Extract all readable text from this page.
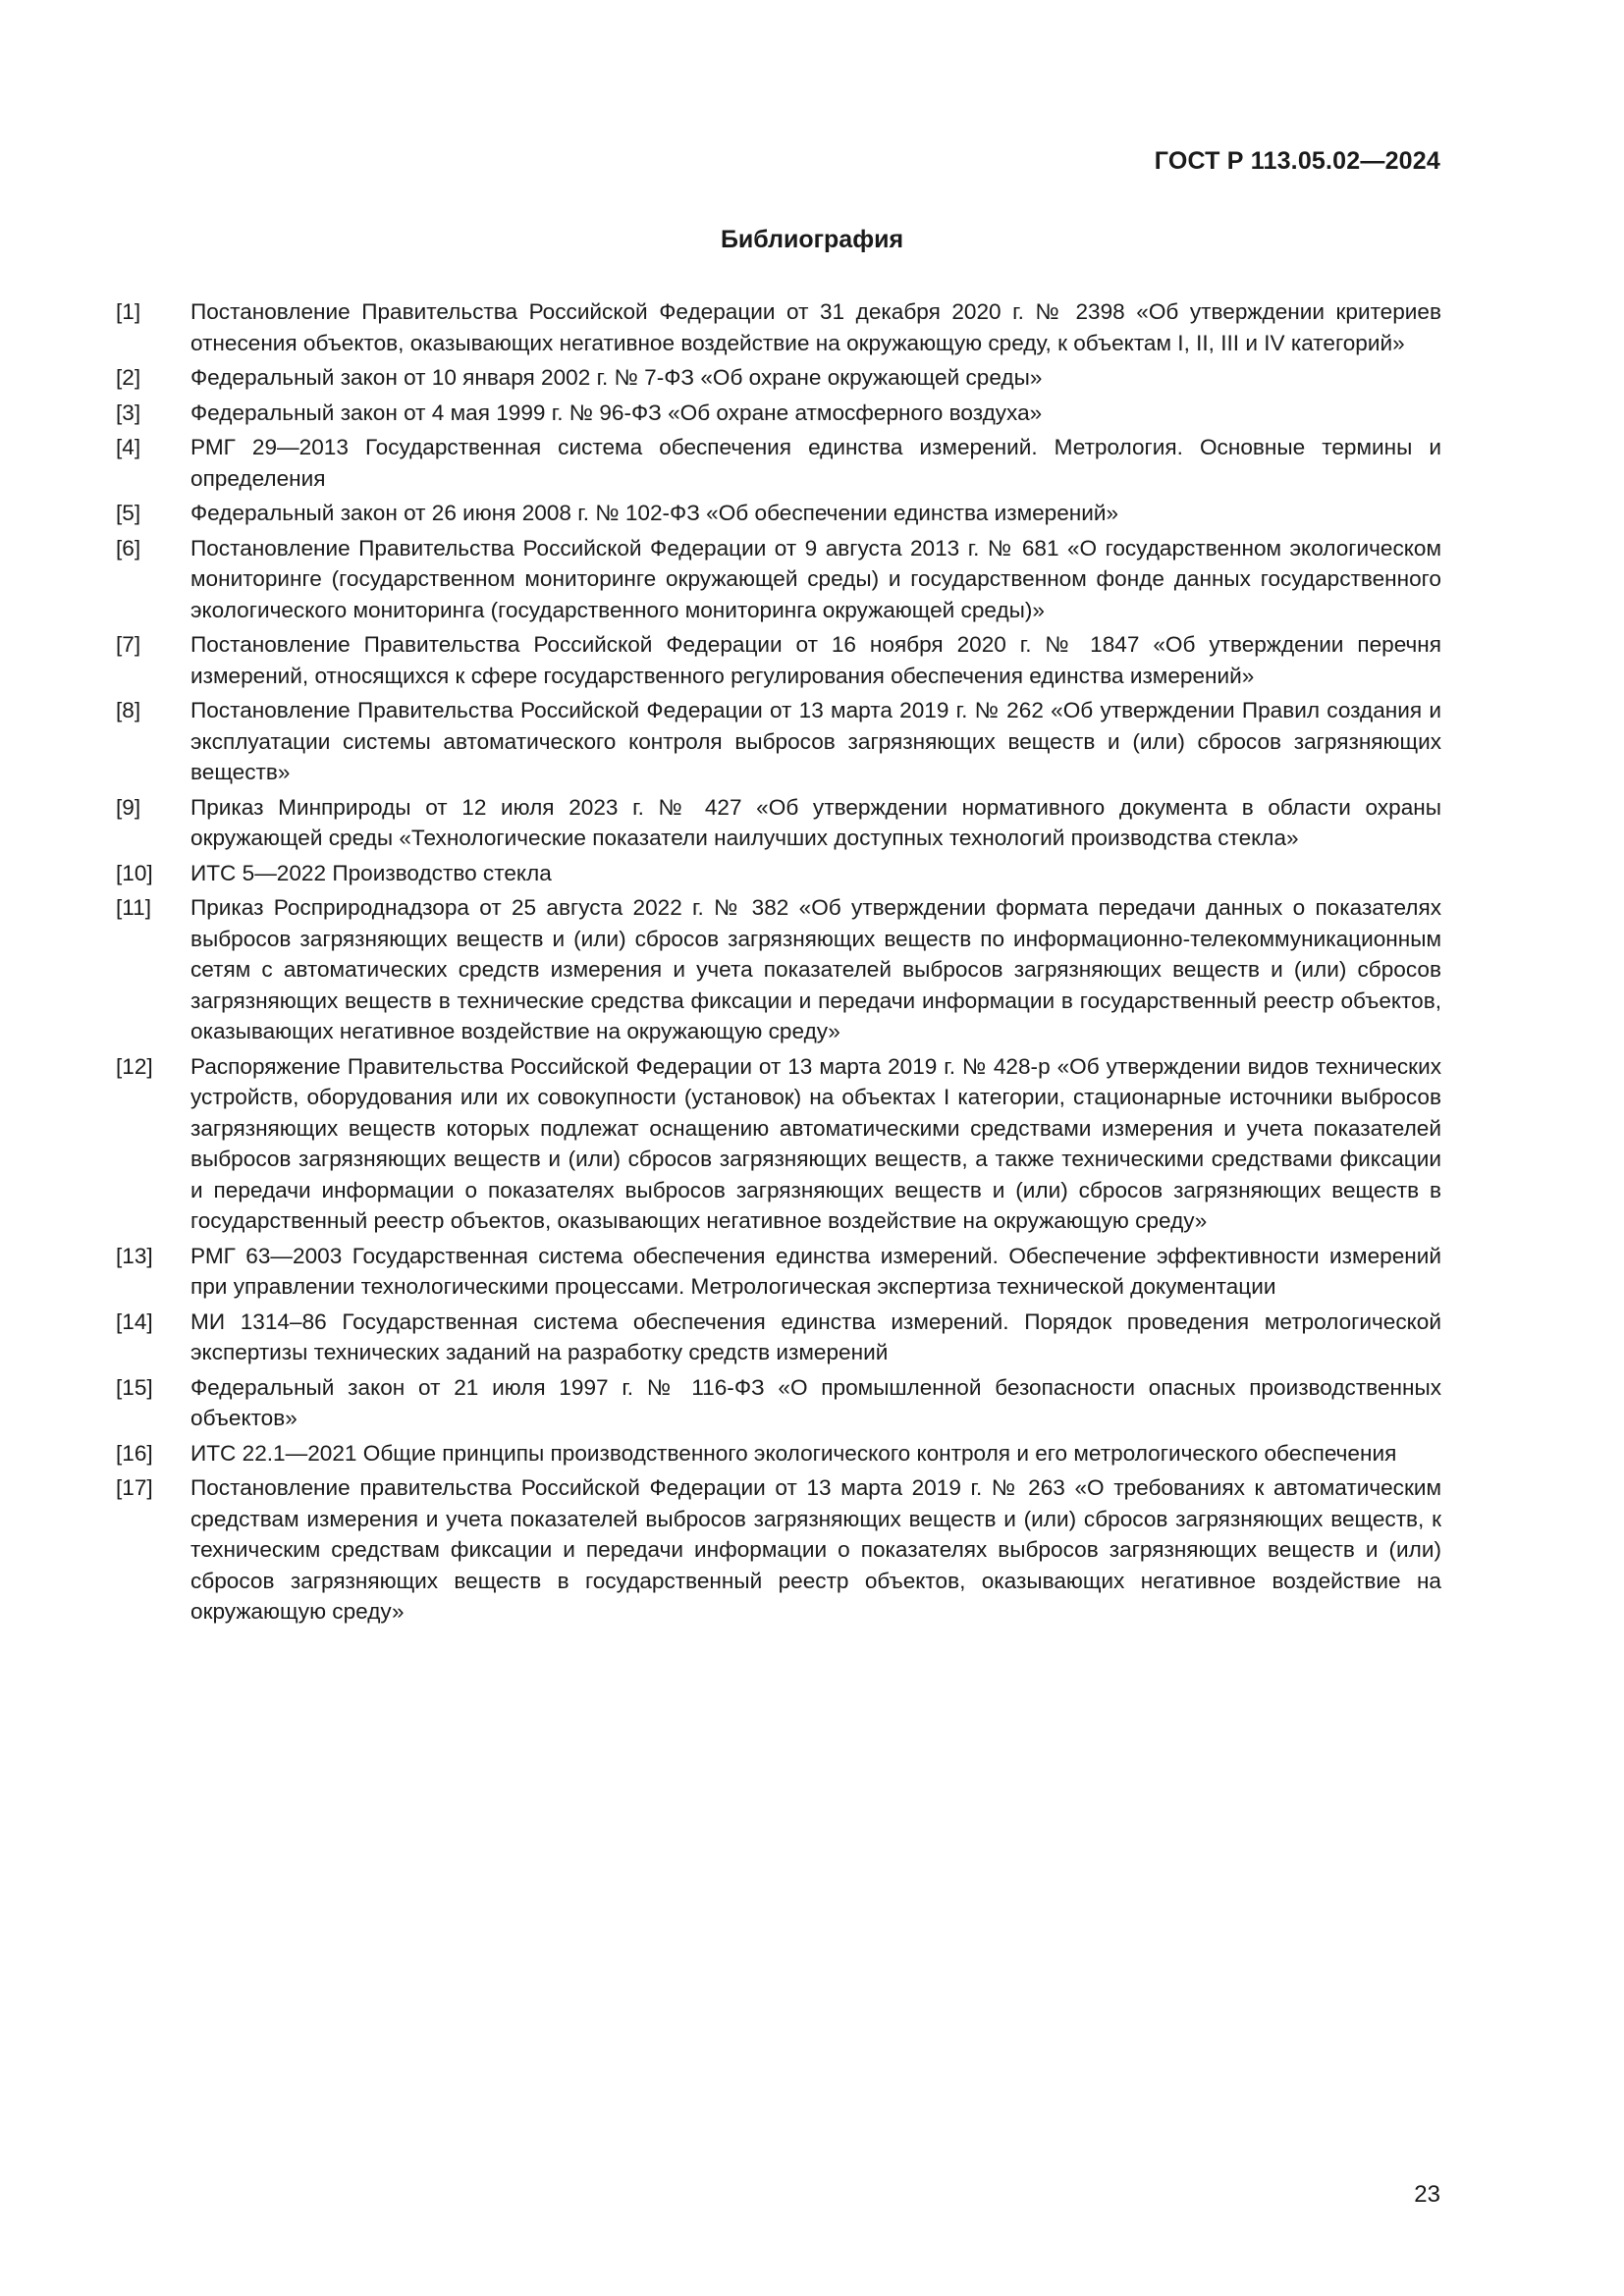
ГОСТ Р 113.05.02—2024
Библиография
[1]	Постановление Правительства Российской Федерации от 31 декабря 2020 г. № 2398 «Об утверждении критериев отнесения объектов, оказывающих негативное воздействие на окружающую среду, к объектам I, II, III и IV категорий»
[2]	Федеральный закон от 10 января 2002 г. № 7-ФЗ «Об охране окружающей среды»
[3]	Федеральный закон от 4 мая 1999 г. № 96-ФЗ «Об охране атмосферного воздуха»
[4]	РМГ 29—2013 Государственная система обеспечения единства измерений. Метрология. Основные термины и определения
[5]	Федеральный закон от 26 июня 2008 г. № 102-ФЗ «Об обеспечении единства измерений»
[6]	Постановление Правительства Российской Федерации от 9 августа 2013 г. № 681 «О государственном экологическом мониторинге (государственном мониторинге окружающей среды) и государственном фонде данных государственного экологического мониторинга (государственного мониторинга окружающей среды)»
[7]	Постановление Правительства Российской Федерации от 16 ноября 2020 г. № 1847 «Об утверждении перечня измерений, относящихся к сфере государственного регулирования обеспечения единства измерений»
[8]	Постановление Правительства Российской Федерации от 13 марта 2019 г. № 262 «Об утверждении Правил создания и эксплуатации системы автоматического контроля выбросов загрязняющих веществ и (или) сбросов загрязняющих веществ»
[9]	Приказ Минприроды от 12 июля 2023 г. № 427 «Об утверждении нормативного документа в области охраны окружающей среды «Технологические показатели наилучших доступных технологий производства стекла»
[10]	ИТС 5—2022 Производство стекла
[11]	Приказ Росприроднадзора от 25 августа 2022 г. № 382 «Об утверждении формата передачи данных о показателях выбросов загрязняющих веществ и (или) сбросов загрязняющих веществ по информационно-телекоммуникационным сетям с автоматических средств измерения и учета показателей выбросов загрязняющих веществ и (или) сбросов загрязняющих веществ в технические средства фиксации и передачи информации в государственный реестр объектов, оказывающих негативное воздействие на окружающую среду»
[12]	Распоряжение Правительства Российской Федерации от 13 марта 2019 г. № 428-р «Об утверждении видов технических устройств, оборудования или их совокупности (установок) на объектах I категории, стационарные источники выбросов загрязняющих веществ которых подлежат оснащению автоматическими средствами измерения и учета показателей выбросов загрязняющих веществ и (или) сбросов загрязняющих веществ, а также техническими средствами фиксации и передачи информации о показателях выбросов загрязняющих веществ и (или) сбросов загрязняющих веществ в государственный реестр объектов, оказывающих негативное воздействие на окружающую среду»
[13]	РМГ 63—2003 Государственная система обеспечения единства измерений. Обеспечение эффективности измерений при управлении технологическими процессами. Метрологическая экспертиза технической документации
[14]	МИ 1314–86 Государственная система обеспечения единства измерений. Порядок проведения метрологической экспертизы технических заданий на разработку средств измерений
[15]	Федеральный закон от 21 июля 1997 г. № 116-ФЗ «О промышленной безопасности опасных производственных объектов»
[16]	ИТС 22.1—2021 Общие принципы производственного экологического контроля и его метрологического обеспечения
[17]	Постановление правительства Российской Федерации от 13 марта 2019 г. № 263 «О требованиях к автоматическим средствам измерения и учета показателей выбросов загрязняющих веществ и (или) сбросов загрязняющих веществ, к техническим средствам фиксации и передачи информации о показателях выбросов загрязняющих веществ и (или) сбросов загрязняющих веществ в государственный реестр объектов, оказывающих негативное воздействие на окружающую среду»
23
